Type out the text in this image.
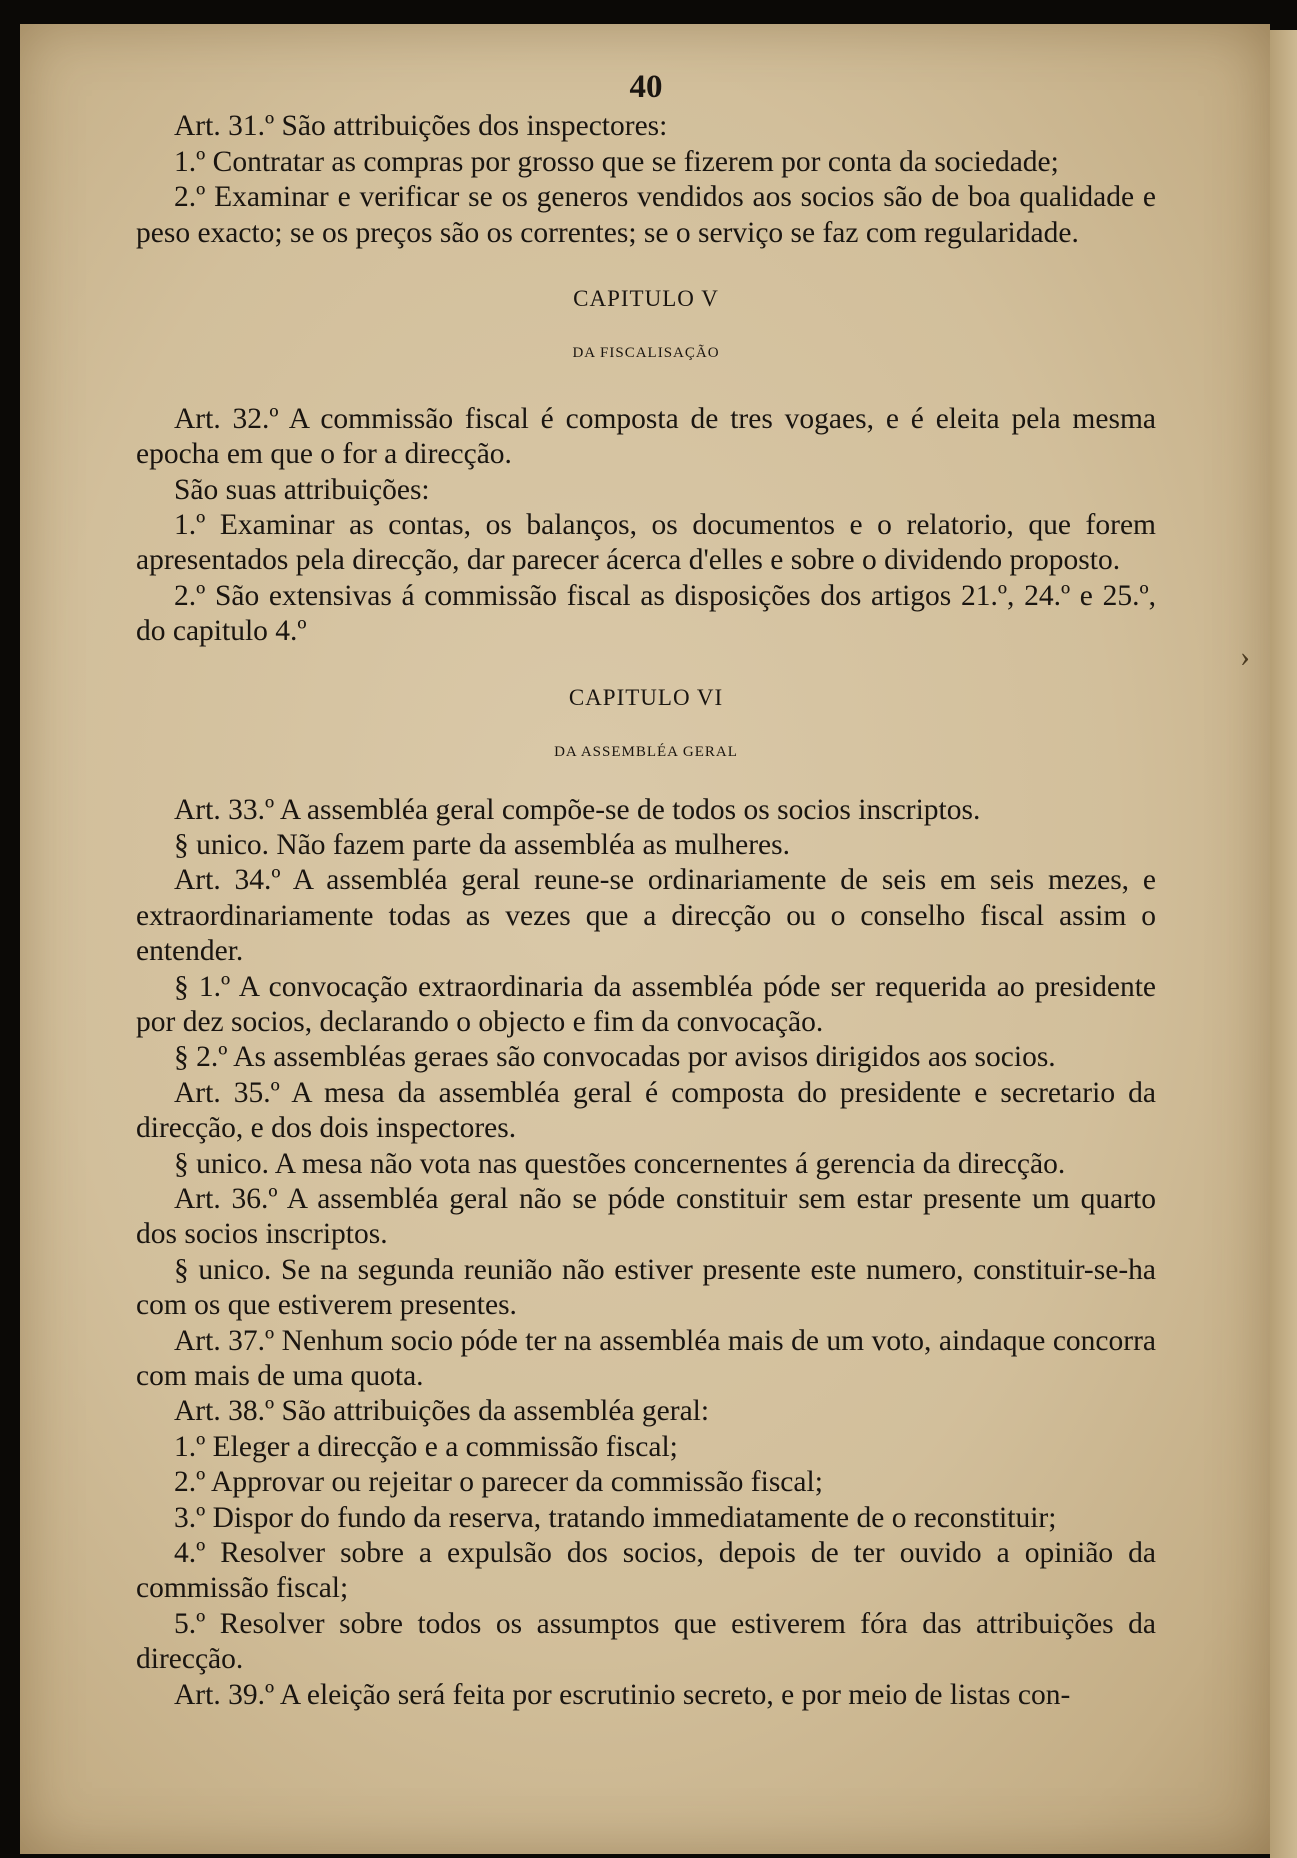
›
40

Art. 31.º São attribuições dos inspectores:

1.º Contratar as compras por grosso que se fizerem por conta da sociedade;

2.º Examinar e verificar se os generos vendidos aos socios são de boa qualidade e peso exacto; se os preços são os correntes; se o serviço se faz com regularidade.

CAPITULO V
DA FISCALISAÇÃO

Art. 32.º A commissão fiscal é composta de tres vogaes, e é eleita pela mesma epocha em que o for a direcção.

São suas attribuições:

1.º Examinar as contas, os balanços, os documentos e o relatorio, que forem apresentados pela direcção, dar parecer ácerca d'elles e sobre o dividendo proposto.

2.º São extensivas á commissão fiscal as disposições dos artigos 21.º, 24.º e 25.º, do capitulo 4.º

CAPITULO VI
DA ASSEMBLÉA GERAL

Art. 33.º A assembléa geral compõe-se de todos os socios inscriptos.

§ unico. Não fazem parte da assembléa as mulheres.

Art. 34.º A assembléa geral reune-se ordinariamente de seis em seis mezes, e extraordinariamente todas as vezes que a direcção ou o conselho fiscal assim o entender.

§ 1.º A convocação extraordinaria da assembléa póde ser requerida ao presidente por dez socios, declarando o objecto e fim da convocação.

§ 2.º As assembléas geraes são convocadas por avisos dirigidos aos socios.

Art. 35.º A mesa da assembléa geral é composta do presidente e secretario da direcção, e dos dois inspectores.

§ unico. A mesa não vota nas questões concernentes á gerencia da direcção.

Art. 36.º A assembléa geral não se póde constituir sem estar presente um quarto dos socios inscriptos.

§ unico. Se na segunda reunião não estiver presente este numero, constituir-se-ha com os que estiverem presentes.

Art. 37.º Nenhum socio póde ter na assembléa mais de um voto, aindaque concorra com mais de uma quota.

Art. 38.º São attribuições da assembléa geral:

1.º Eleger a direcção e a commissão fiscal;

2.º Approvar ou rejeitar o parecer da commissão fiscal;

3.º Dispor do fundo da reserva, tratando immediatamente de o reconstituir;

4.º Resolver sobre a expulsão dos socios, depois de ter ouvido a opinião da commissão fiscal;

5.º Resolver sobre todos os assumptos que estiverem fóra das attribuições da direcção.

Art. 39.º A eleição será feita por escrutinio secreto, e por meio de listas con-
